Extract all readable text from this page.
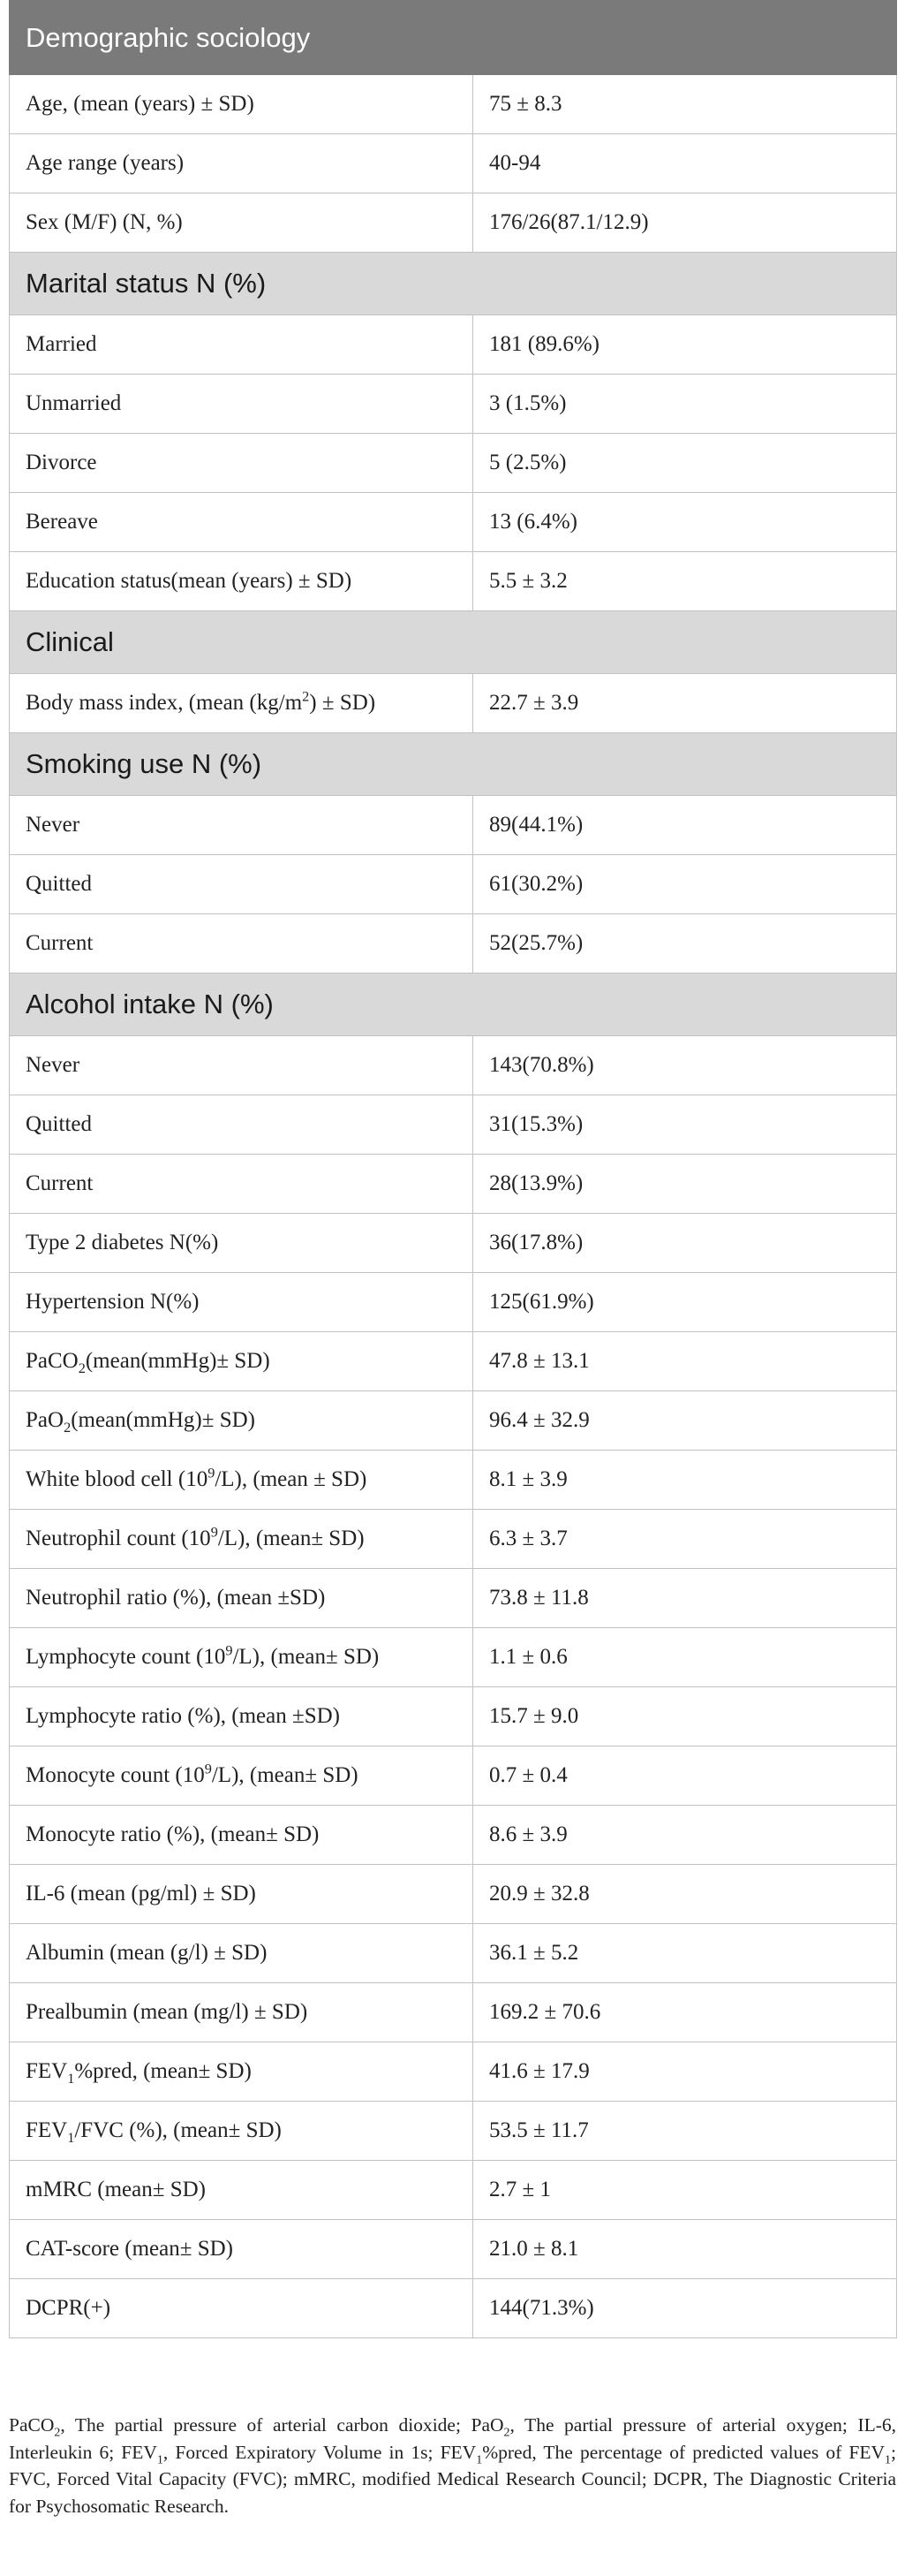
Demographic sociology	
Age, (mean (years) ± SD)	75 ± 8.3
Age range (years)	40-94
Sex (M/F) (N, %)	176/26(87.1/12.9)
Marital status N (%)	
Married	181 (89.6%)
Unmarried	3 (1.5%)
Divorce	5 (2.5%)
Bereave	13 (6.4%)
Education status(mean (years) ± SD)	5.5 ± 3.2
Clinical	
Body mass index, (mean $(kg/m^2) \pm SD$)	22.7 ± 3.9
Smoking use N (%)	
Never	89(44.1%)
Quitted	61(30.2%)
Current	52(25.7%)
Alcohol intake N (%)	
Never	143(70.8%)
Quitted	31(15.3%)
Current	28(13.9%)
Type 2 diabetes N(%)	36(17.8%)
Hypertension N(%)	125(61.9%)
PaCO$_2$(mean(mmHg)± SD)	47.8 ± 13.1
PaO$_2$(mean(mmHg)± SD)	96.4 ± 32.9
White blood cell $(10^9/L)$, (mean ± SD)	8.1 ± 3.9
Neutrophil count $(10^9/L)$, (mean± SD)	6.3 ± 3.7
Neutrophil ratio (%), (mean ±SD)	73.8 ± 11.8
Lymphocyte count $(10^9/L)$, (mean± SD)	1.1 ± 0.6
Lymphocyte ratio (%), (mean ±SD)	15.7 ± 9.0
Monocyte count $(10^9/L)$, (mean± SD)	0.7 ± 0.4
Monocyte ratio (%), (mean± SD)	8.6 ± 3.9
IL-6 (mean (pg/ml) ± SD)	20.9 ± 32.8
Albumin (mean (g/l) ± SD)	36.1 ± 5.2
Prealbumin (mean (mg/l) ± SD)	169.2 ± 70.6
$FEV_1\%pred$, (mean± SD)	41.6 ± 17.9
$FEV_1$/FVC (%), (mean± SD)	53.5 ± 11.7
mMRC (mean± SD)	2.7 ± 1
CAT-score (mean± SD)	21.0 ± 8.1
DCPR(+)	144(71.3%)
PaCO$_2$, The partial pressure of arterial carbon dioxide; PaO$_2$, The partial pressure of arterial oxygen; IL-6, Interleukin 6; $FEV_1$, Forced Expiratory Volume in 1s; $FEV_1\%pred$, The percentage of predicted values of $FEV_1$; FVC, Forced Vital Capacity (FVC); mMRC, modified Medical Research Council; DCPR, The Diagnostic Criteria for Psychosomatic Research.
